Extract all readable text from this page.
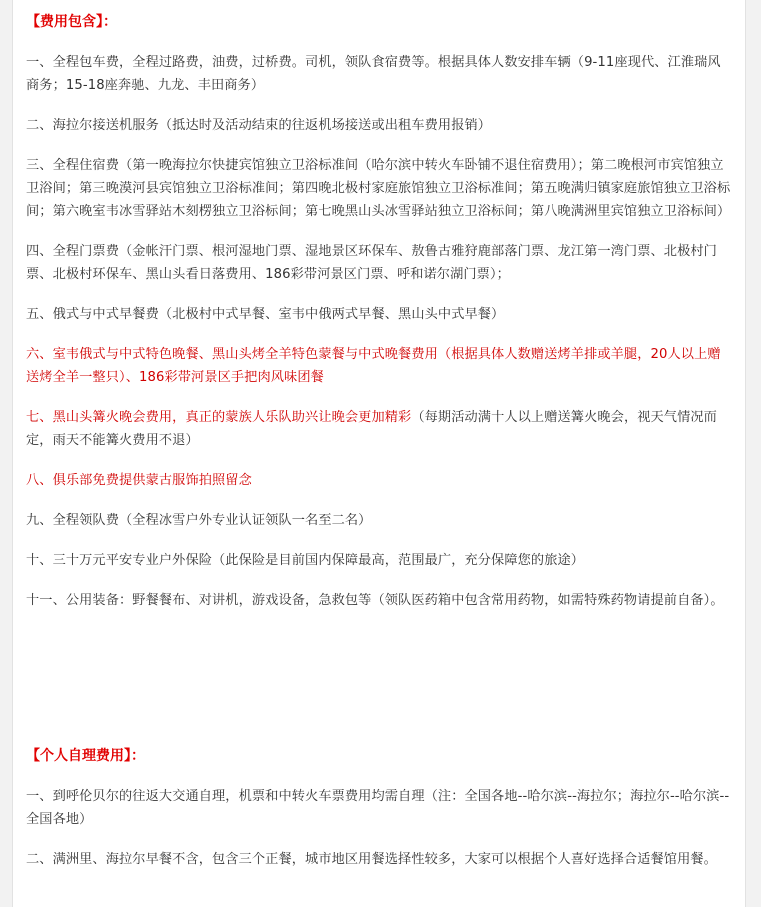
【费用包含】：

一、全程包车费，全程过路费，油费，过桥费。司机，领队食宿费等。根据具体人数安排车辆（9-11座现代、江淮瑞风商务；15-18座奔驰、九龙、丰田商务）

二、海拉尔接送机服务（抵达时及活动结束的往返机场接送或出租车费用报销）

三、全程住宿费（第一晚海拉尔快捷宾馆独立卫浴标准间（哈尔滨中转火车卧铺不退住宿费用）；第二晚根河市宾馆独立卫浴间；第三晚漠河县宾馆独立卫浴标准间；第四晚北极村家庭旅馆独立卫浴标准间；第五晚满归镇家庭旅馆独立卫浴标间；第六晚室韦冰雪驿站木刻楞独立卫浴标间；第七晚黑山头冰雪驿站独立卫浴标间；第八晚满洲里宾馆独立卫浴标间）

四、全程门票费（金帐汗门票、根河湿地门票、湿地景区环保车、敖鲁古雅狩鹿部落门票、龙江第一湾门票、北极村门票、北极村环保车、黑山头看日落费用、186彩带河景区门票、呼和诺尔湖门票）；

五、俄式与中式早餐费（北极村中式早餐、室韦中俄两式早餐、黑山头中式早餐）

六、室韦俄式与中式特色晚餐、黑山头烤全羊特色蒙餐与中式晚餐费用（根据具体人数赠送烤羊排或羊腿，20人以上赠送烤全羊一整只）、186彩带河景区手把肉风味团餐

七、黑山头篝火晚会费用，真正的蒙族人乐队助兴让晚会更加精彩（每期活动满十人以上赠送篝火晚会，视天气情况而定，雨天不能篝火费用不退）

八、俱乐部免费提供蒙古服饰拍照留念

九、全程领队费（全程冰雪户外专业认证领队一名至二名）

十、三十万元平安专业户外保险（此保险是目前国内保障最高，范围最广，充分保障您的旅途）

十一、公用装备：野餐餐布、对讲机，游戏设备，急救包等（领队医药箱中包含常用药物，如需特殊药物请提前自备）。

【个人自理费用】：

一、到呼伦贝尔的往返大交通自理，机票和中转火车票费用均需自理（注：全国各地--哈尔滨--海拉尔；海拉尔--哈尔滨--全国各地）

二、满洲里、海拉尔早餐不含，包含三个正餐，城市地区用餐选择性较多，大家可以根据个人喜好选择合适餐馆用餐。
